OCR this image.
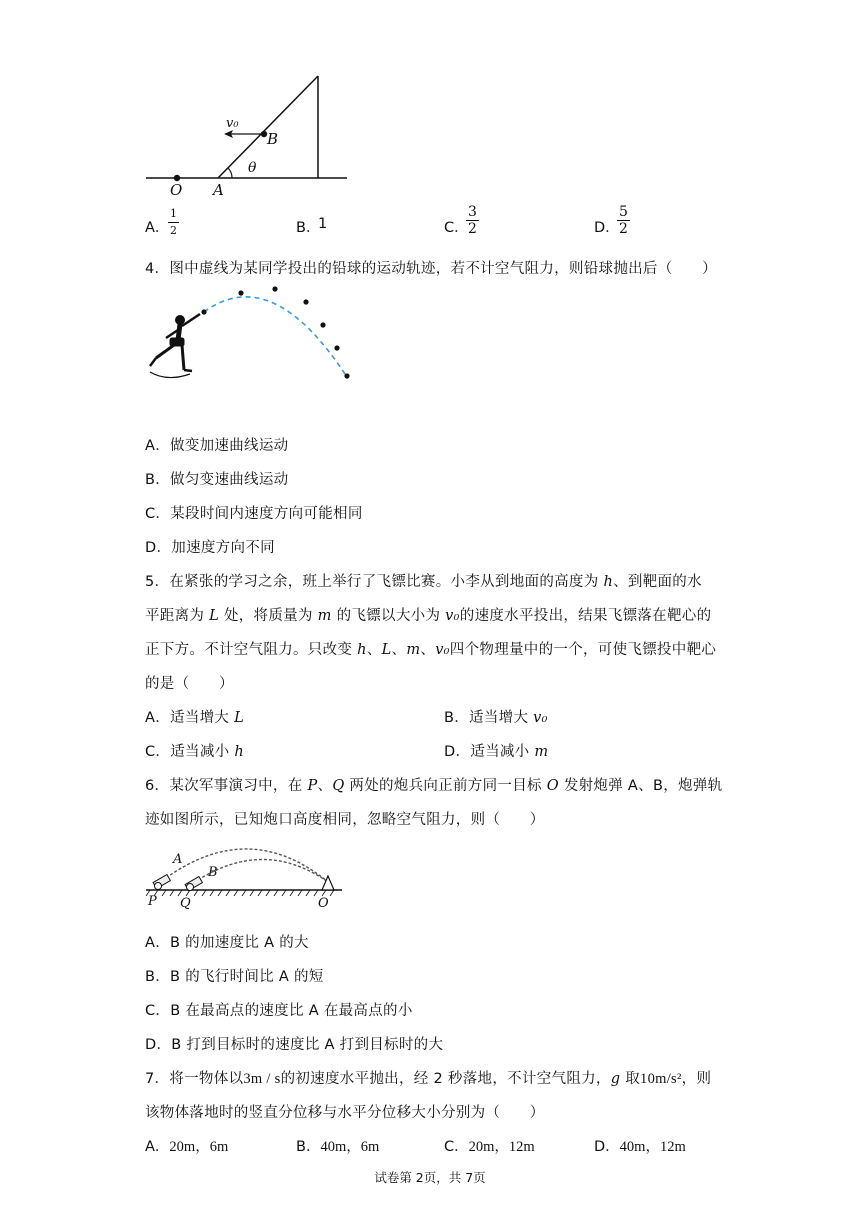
v₀
B
θ
O A
A．
$\frac{1}{2}$	B．
1	C．
$\frac{3}{2}$	D．
$\frac{5}{2}$
4．图中虚线为某同学投出的铅球的运动轨迹，若不计空气阻力，则铅球抛出后（　　）
A．做变加速曲线运动
B．做匀变速曲线运动
C．某段时间内速度方向可能相同
D．加速度方向不同
5．在紧张的学习之余，班上举行了飞镖比赛。小李从到地面的高度为 h、到靶面的水
平距离为 L 处，将质量为 m 的飞镖以大小为 v₀的速度水平投出，结果飞镖落在靶心的
正下方。不计空气阻力。只改变 h、L、m、v₀四个物理量中的一个，可使飞镖投中靶心
的是（　　）
A．适当增大 L	B．适当增大 v₀
C．适当减小 h	D．适当减小 m
6．某次军事演习中，在 P、Q 两处的炮兵向正前方同一目标 O 发射炮弹 A、B，炮弹轨
迹如图所示，已知炮口高度相同，忽略空气阻力，则（　　）
A
B
P Q	O
A．B 的加速度比 A 的大
B．B 的飞行时间比 A 的短
C．B 在最高点的速度比 A 在最高点的小
D．B 打到目标时的速度比 A 打到目标时的大
7．将一物体以3m / s的初速度水平抛出，经 2 秒落地，不计空气阻力，g 取10m/s²，则
该物体落地时的竖直分位移与水平分位移大小分别为（　　）
A．20m，6m	B．40m，6m	C．20m，12m	D．40m，12m
试卷第 2页，共 7页
